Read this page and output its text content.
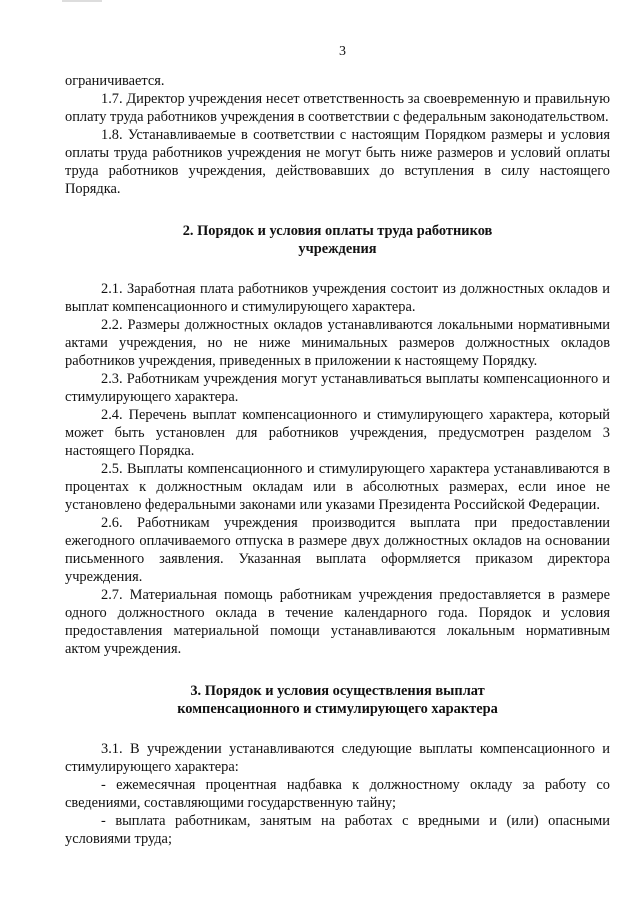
3

ограничивается.

1.7. Директор учреждения несет ответственность за своевременную и правильную оплату труда работников учреждения в соответствии с федеральным законодательством.

1.8. Устанавливаемые в соответствии с настоящим Порядком размеры и условия оплаты труда работников учреждения не могут быть ниже размеров и условий оплаты труда работников учреждения, действовавших до вступления в силу настоящего Порядка.

2. Порядок и условия оплаты труда работников
учреждения

2.1. Заработная плата работников учреждения состоит из должностных окладов и выплат компенсационного и стимулирующего характера.

2.2. Размеры должностных окладов устанавливаются локальными нормативными актами учреждения, но не ниже минимальных размеров должностных окладов работников учреждения, приведенных в приложении к настоящему Порядку.

2.3. Работникам учреждения могут устанавливаться выплаты компенсационного и стимулирующего характера.

2.4. Перечень выплат компенсационного и стимулирующего характера, который может быть установлен для работников учреждения, предусмотрен разделом 3 настоящего Порядка.

2.5. Выплаты компенсационного и стимулирующего характера устанавливаются в процентах к должностным окладам или в абсолютных размерах, если иное не установлено федеральными законами или указами Президента Российской Федерации.

2.6. Работникам учреждения производится выплата при предоставлении ежегодного оплачиваемого отпуска в размере двух должностных окладов на основании письменного заявления. Указанная выплата оформляется приказом директора учреждения.

2.7. Материальная помощь работникам учреждения предоставляется в размере одного должностного оклада в течение календарного года. Порядок и условия предоставления материальной помощи устанавливаются локальным нормативным актом учреждения.

3. Порядок и условия осуществления выплат
компенсационного и стимулирующего характера

3.1. В учреждении устанавливаются следующие выплаты компенсационного и стимулирующего характера:

- ежемесячная процентная надбавка к должностному окладу за работу со сведениями, составляющими государственную тайну;

- выплата работникам, занятым на работах с вредными и (или) опасными условиями труда;
